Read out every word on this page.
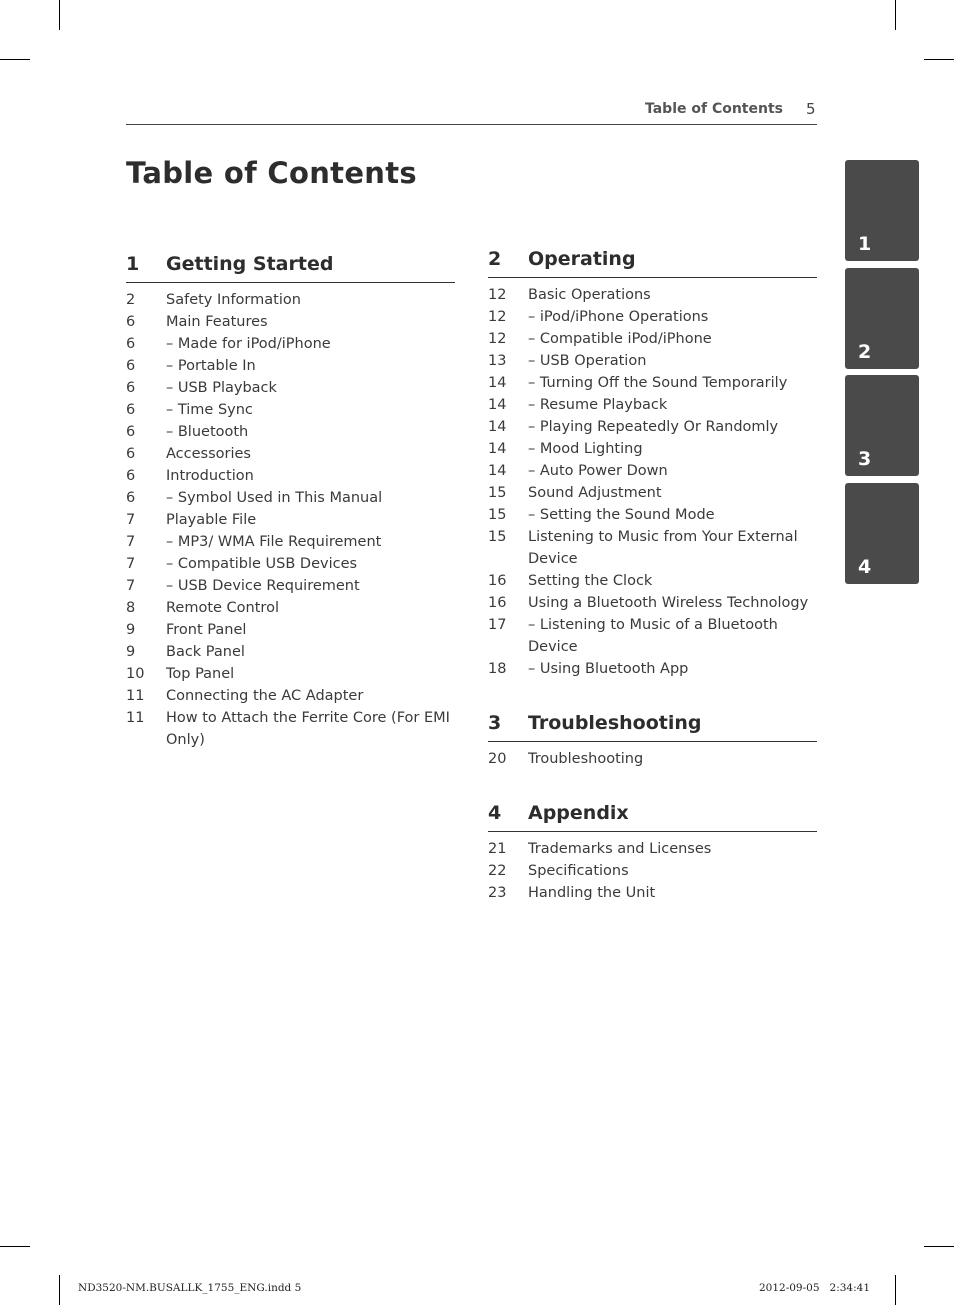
Table of Contents 5
Table of Contents
1 Getting Started
2 Safety Information
6 Main Features
6 – Made for iPod/iPhone
6 – Portable In
6 – USB Playback
6 – Time Sync
6 – Bluetooth
6 Accessories
6 Introduction
6 – Symbol Used in This Manual
7 Playable File
7 – MP3/ WMA File Requirement
7 – Compatible USB Devices
7 – USB Device Requirement
8 Remote Control
9 Front Panel
9 Back Panel
10 Top Panel
11 Connecting the AC Adapter
11 How to Attach the Ferrite Core (For EMI Only)
2 Operating
12 Basic Operations
12 – iPod/iPhone Operations
12 – Compatible iPod/iPhone
13 – USB Operation
14 – Turning Off the Sound Temporarily
14 – Resume Playback
14 – Playing Repeatedly Or Randomly
14 – Mood Lighting
14 – Auto Power Down
15 Sound Adjustment
15 – Setting the Sound Mode
15 Listening to Music from Your External Device
16 Setting the Clock
16 Using a Bluetooth Wireless Technology
17 – Listening to Music of a Bluetooth Device
18 – Using Bluetooth App
3 Troubleshooting
20 Troubleshooting
4 Appendix
21 Trademarks and Licenses
22 Specifications
23 Handling the Unit
1
2
3
4
ND3520-NM.BUSALLK_1755_ENG.indd 5	2012-09-05   2:34:41
